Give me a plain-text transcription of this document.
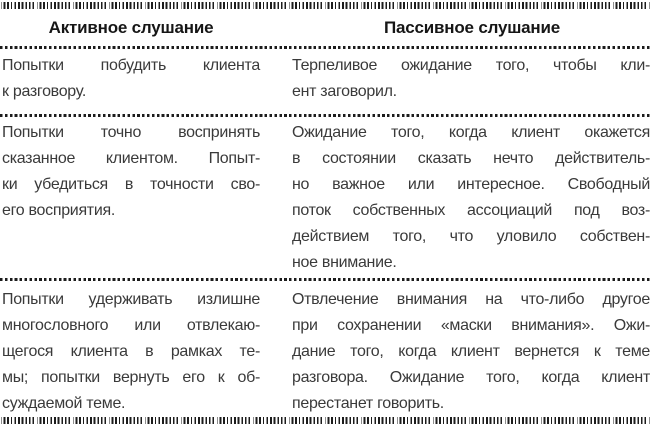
Активное слушание	Пассивное слушание
Попытки побудить клиента
к разговору.
Терпеливое ожидание того, чтобы кли-
ент заговорил.
Попытки точно воспринять
сказанное клиентом. Попыт-
ки убедиться в точности сво-
его восприятия.
Ожидание того, когда клиент окажется
в состоянии сказать нечто действитель-
но важное или интересное. Свободный
поток собственных ассоциаций под воз-
действием того, что уловило собствен-
ное внимание.
Попытки удерживать излишне
многословного или отвлекаю-
щегося клиента в рамках те-
мы; попытки вернуть его к об-
суждаемой теме.
Отвлечение внимания на что-либо другое
при сохранении «маски внимания». Ожи-
дание того, когда клиент вернется к теме
разговора. Ожидание того, когда клиент
перестанет говорить.
